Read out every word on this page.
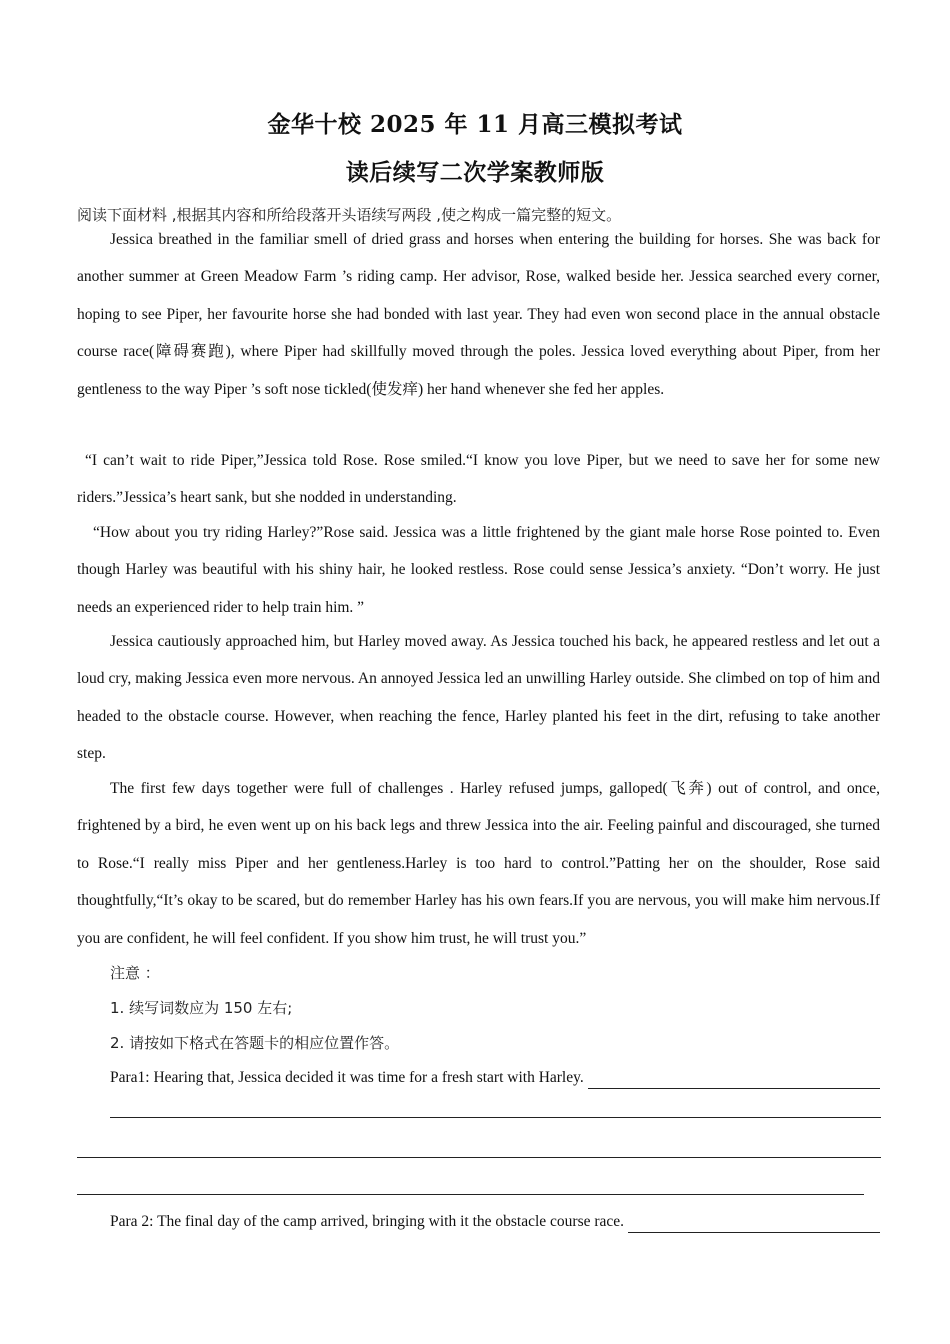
金华十校 2025 年 11 月高三模拟考试
读后续写二次学案教师版
阅读下面材料 ,根据其内容和所给段落开头语续写两段 ,使之构成一篇完整的短文。
Jessica breathed in the familiar smell of dried grass and horses when entering the building for horses. She was back for another summer at Green Meadow Farm ’s riding camp. Her advisor, Rose, walked beside her. Jessica searched every corner, hoping to see Piper, her favourite horse she had bonded with last year. They had even won second place in the annual obstacle course race(障碍赛跑), where Piper had skillfully moved through the poles. Jessica loved everything about Piper, from her gentleness to the way Piper ’s soft nose tickled(使发痒) her hand whenever she fed her apples.
“I can’t wait to ride Piper,”Jessica told Rose. Rose smiled.“I know you love Piper, but we need to save her for some new riders.”Jessica’s heart sank, but she nodded in understanding.
“How about you try riding Harley?”Rose said. Jessica was a little frightened by the giant male horse Rose pointed to. Even though Harley was beautiful with his shiny hair, he looked restless. Rose could sense Jessica’s anxiety. “Don’t worry. He just needs an experienced rider to help train him. ”
Jessica cautiously approached him, but Harley moved away. As Jessica touched his back, he appeared restless and let out a loud cry, making Jessica even more nervous. An annoyed Jessica led an unwilling Harley outside. She climbed on top of him and headed to the obstacle course. However, when reaching the fence, Harley planted his feet in the dirt, refusing to take another step.
The first few days together were full of challenges . Harley refused jumps, galloped(飞奔) out of control, and once, frightened by a bird, he even went up on his back legs and threw Jessica into the air. Feeling painful and discouraged, she turned to Rose.“I really miss Piper and her gentleness.Harley is too hard to control.”Patting her on the shoulder, Rose said thoughtfully,“It’s okay to be scared, but do remember Harley has his own fears.If you are nervous, you will make him nervous.If you are confident, he will feel confident. If you show him trust, he will trust you.”
注意 ：
1. 续写词数应为 150 左右;
2. 请按如下格式在答题卡的相应位置作答。
Para1: Hearing that, Jessica decided it was time for a fresh start with Harley.
Para 2: The final day of the camp arrived, bringing with it the obstacle course race.
